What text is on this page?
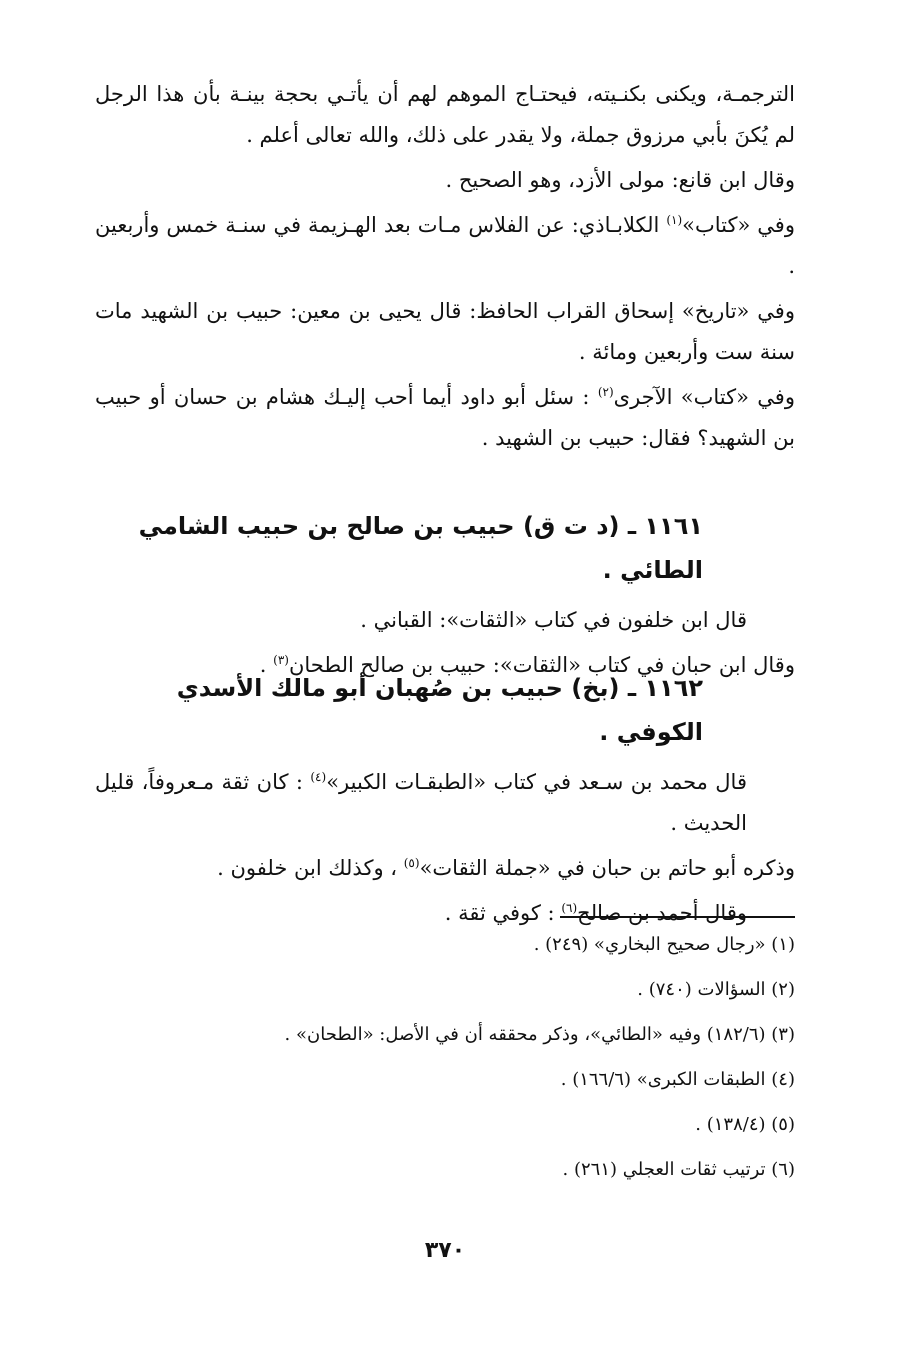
الترجمـة، ويكنى بكنـيته، فيحتـاج الموهم لهم أن يأتـي بحجة بينـة بأن هذا الرجل لم يُكنَ بأبي مرزوق جملة، ولا يقدر على ذلك، والله تعالى أعلم .

وقال ابن قانع: مولى الأزد، وهو الصحيح .

وفي «كتاب»$^{(١)}$ الكلابـاذي: عن الفلاس مـات بعد الهـزيمة في سنـة خمس وأربعين .

وفي «تاريخ» إسحاق القراب الحافظ: قال يحيى بن معين: حبيب بن الشهيد مات سنة ست وأربعين ومائة .

وفي «كتاب» الآجرى$^{(٢)}$ : سئل أبو داود أيما أحب إليـك هشام بن حسان أو حبيب بن الشهيد؟ فقال: حبيب بن الشهيد .

١١٦١ ـ (د ت ق) حبيب بن صالح بن حبيب الشامي الطائي .

قال ابن خلفون في كتاب «الثقات»: القباني .

وقال ابن حبان في كتاب «الثقات»: حبيب بن صالح الطحان$^{(٣)}$ .

١١٦٢ ـ (بخ) حبيب بن صُهبان أبو مالك الأسدي الكوفي .

قال محمد بن سـعد في كتاب «الطبقـات الكبير»$^{(٤)}$ : كان ثقة مـعروفاً، قليل الحديث .

وذكره أبو حاتم بن حبان في «جملة الثقات»$^{(٥)}$ ، وكذلك ابن خلفون .

وقال أحمد بن صالح$^{(٦)}$ : كوفي ثقة .

(١) «رجال صحيح البخاري» (٢٤٩) .
(٢) السؤالات (٧٤٠) .
(٣) (١٨٢/٦) وفيه «الطائي»، وذكر محققه أن في الأصل: «الطحان» .
(٤) الطبقات الكبرى» (١٦٦/٦) .
(٥) (١٣٨/٤) .
(٦) ترتيب ثقات العجلي (٢٦١) .
٣٧٠
